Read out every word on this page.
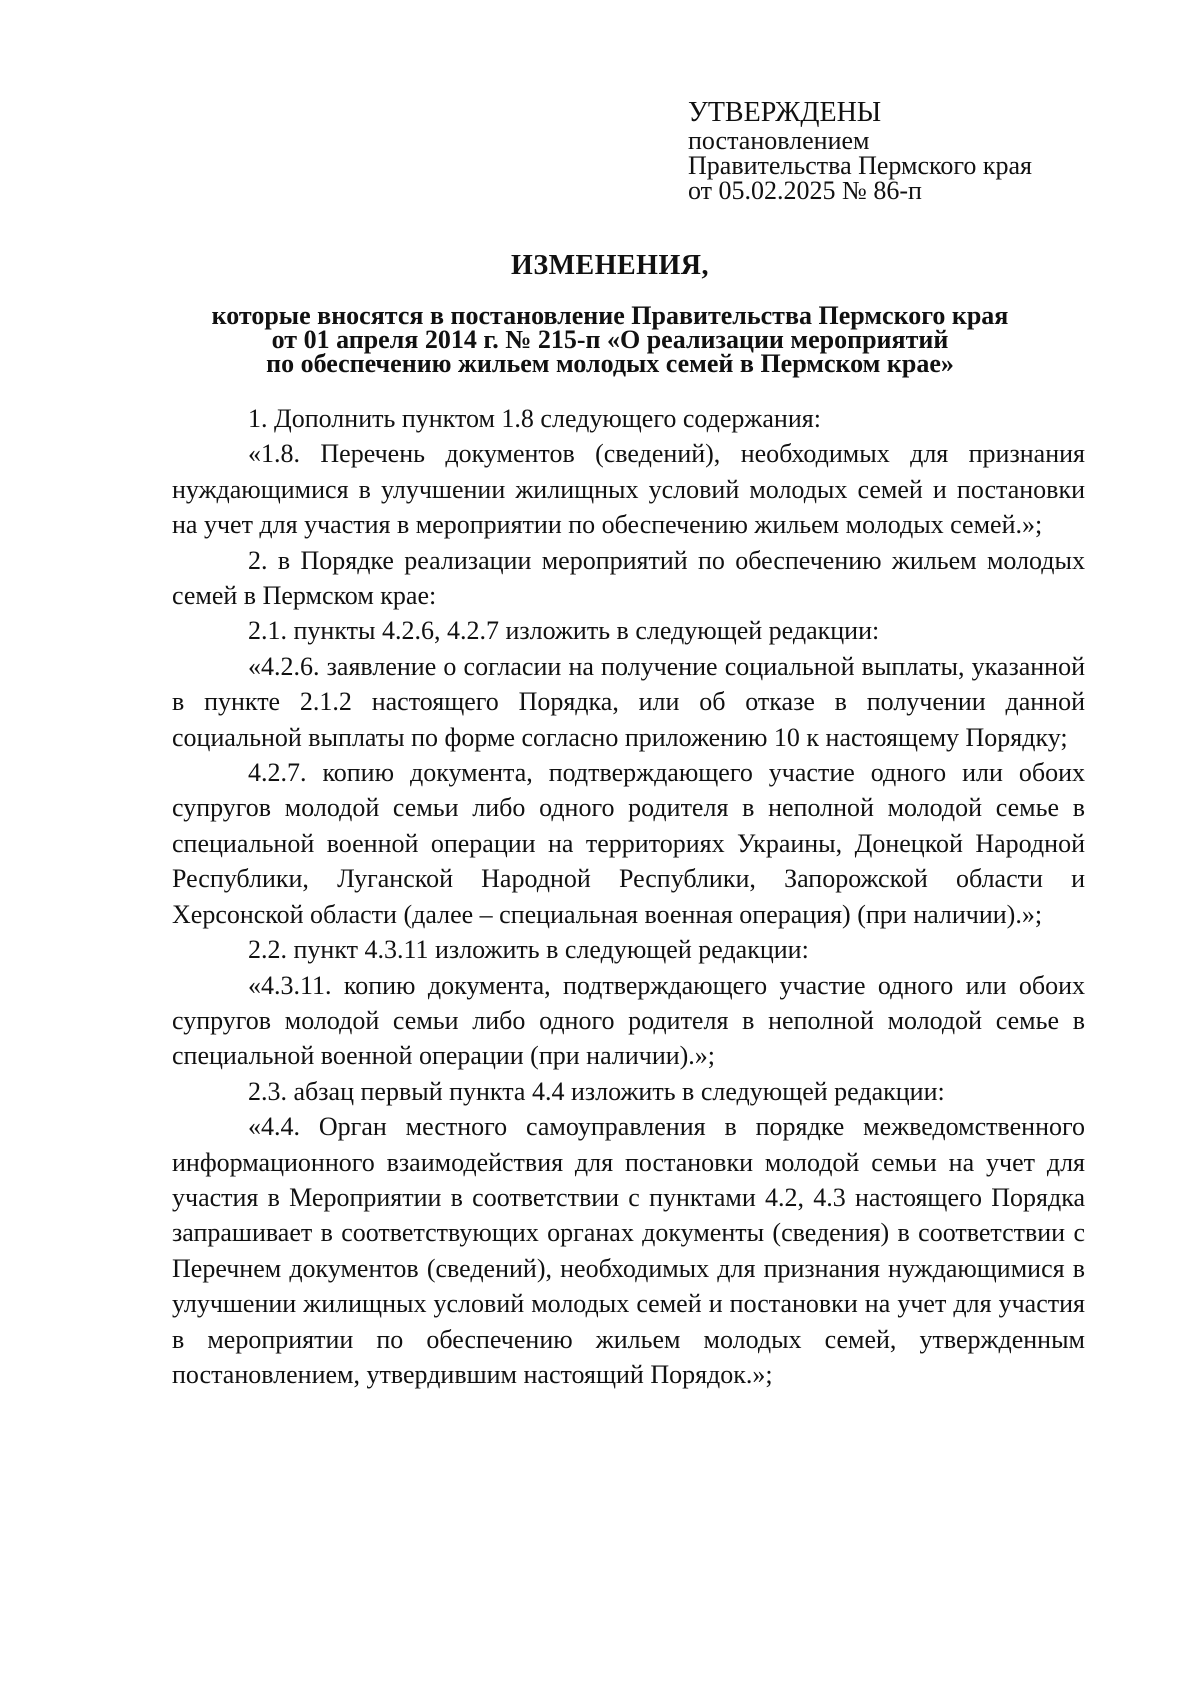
УТВЕРЖДЕНЫ
постановлением
Правительства Пермского края
от 05.02.2025 № 86-п
ИЗМЕНЕНИЯ,
которые вносятся в постановление Правительства Пермского края
от 01 апреля 2014 г. № 215-п «О реализации мероприятий
по обеспечению жильем молодых семей в Пермском крае»

1. Дополнить пунктом 1.8 следующего содержания:

«1.8. Перечень документов (сведений), необходимых для признания нуждающимися в улучшении жилищных условий молодых семей и постановки на учет для участия в мероприятии по обеспечению жильем молодых семей.»;

2. в Порядке реализации мероприятий по обеспечению жильем молодых семей в Пермском крае:

2.1. пункты 4.2.6, 4.2.7 изложить в следующей редакции:

«4.2.6. заявление о согласии на получение социальной выплаты, указанной в пункте 2.1.2 настоящего Порядка, или об отказе в получении данной социальной выплаты по форме согласно приложению 10 к настоящему Порядку;

4.2.7. копию документа, подтверждающего участие одного или обоих супругов молодой семьи либо одного родителя в неполной молодой семье в специальной военной операции на территориях Украины, Донецкой Народной Республики, Луганской Народной Республики, Запорожской области и Херсонской области (далее – специальная военная операция) (при наличии).»;

2.2. пункт 4.3.11 изложить в следующей редакции:

«4.3.11. копию документа, подтверждающего участие одного или обоих супругов молодой семьи либо одного родителя в неполной молодой семье в специальной военной операции (при наличии).»;

2.3. абзац первый пункта 4.4 изложить в следующей редакции:

«4.4. Орган местного самоуправления в порядке межведомственного информационного взаимодействия для постановки молодой семьи на учет для участия в Мероприятии в соответствии с пунктами 4.2, 4.3 настоящего Порядка запрашивает в соответствующих органах документы (сведения) в соответствии с Перечнем документов (сведений), необходимых для признания нуждающимися в улучшении жилищных условий молодых семей и постановки на учет для участия в мероприятии по обеспечению жильем молодых семей, утвержденным постановлением, утвердившим настоящий Порядок.»;
